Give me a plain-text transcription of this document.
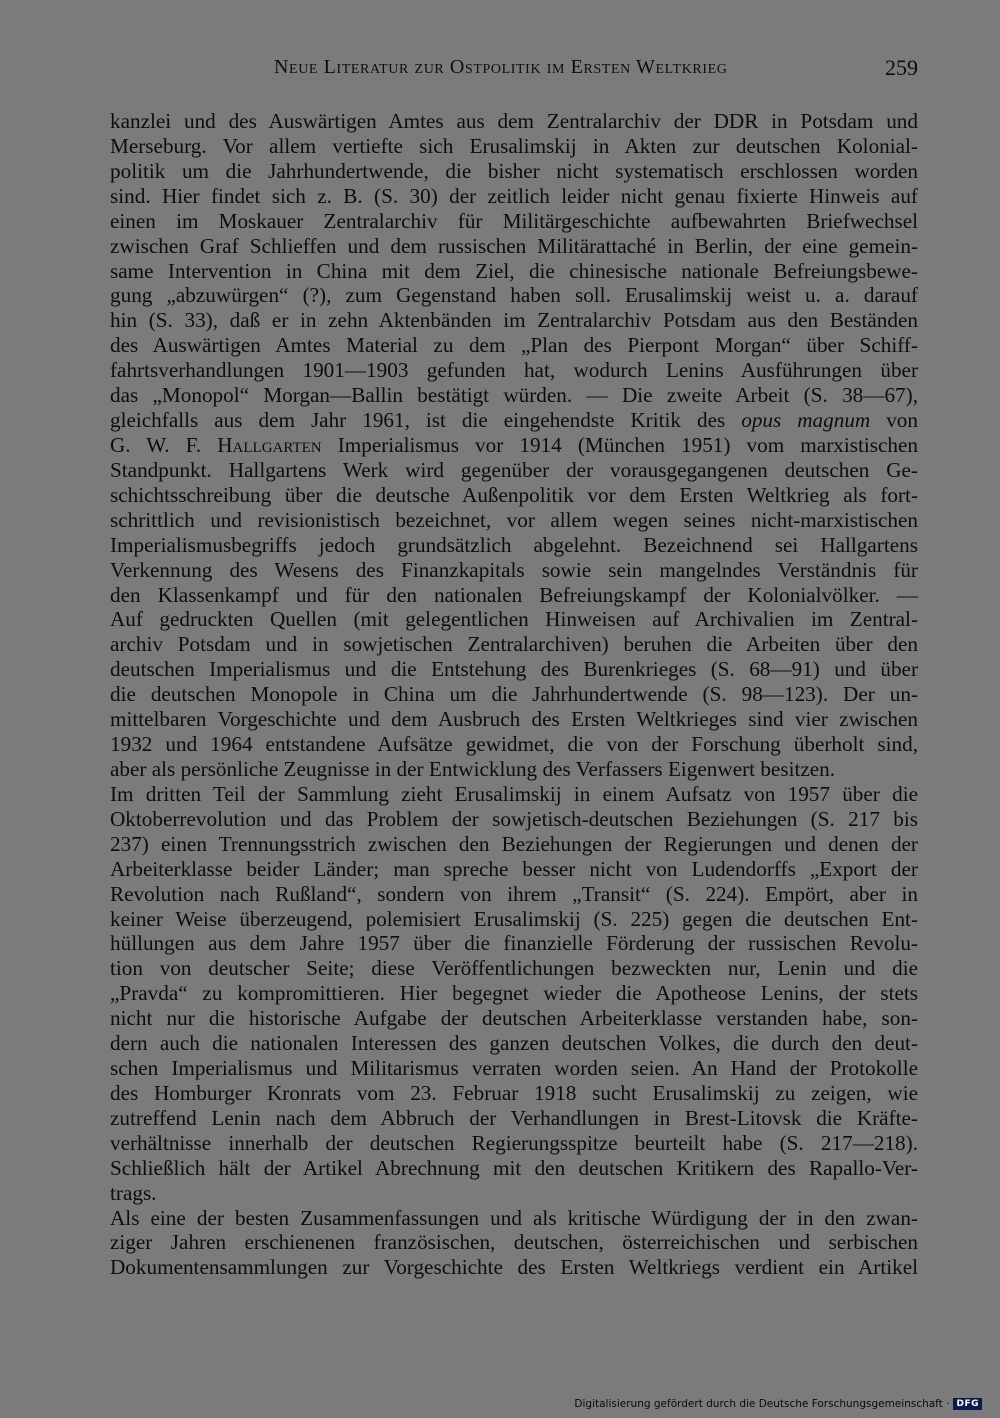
Neue Literatur zur Ostpolitik im Ersten Weltkrieg	259

kanzlei und des Auswärtigen Amtes aus dem Zentralarchiv der DDR in Potsdam und

Merseburg. Vor allem vertiefte sich Erusalimskij in Akten zur deutschen Kolonial-

politik um die Jahrhundertwende, die bisher nicht systematisch erschlossen worden

sind. Hier findet sich z. B. (S. 30) der zeitlich leider nicht genau fixierte Hinweis auf

einen im Moskauer Zentralarchiv für Militärgeschichte aufbewahrten Briefwechsel

zwischen Graf Schlieffen und dem russischen Militärattaché in Berlin, der eine gemein-

same Intervention in China mit dem Ziel, die chinesische nationale Befreiungsbewe-

gung „abzuwürgen“ (?), zum Gegenstand haben soll. Erusalimskij weist u. a. darauf

hin (S. 33), daß er in zehn Aktenbänden im Zentralarchiv Potsdam aus den Beständen

des Auswärtigen Amtes Material zu dem „Plan des Pierpont Morgan“ über Schiff-

fahrtsverhandlungen 1901—1903 gefunden hat, wodurch Lenins Ausführungen über

das „Monopol“ Morgan—Ballin bestätigt würden. — Die zweite Arbeit (S. 38—67),

gleichfalls aus dem Jahr 1961, ist die eingehendste Kritik des opus magnum von

G. W. F. Hallgarten Imperialismus vor 1914 (München 1951) vom marxistischen

Standpunkt. Hallgartens Werk wird gegenüber der vorausgegangenen deutschen Ge-

schichtsschreibung über die deutsche Außenpolitik vor dem Ersten Weltkrieg als fort-

schrittlich und revisionistisch bezeichnet, vor allem wegen seines nicht-marxistischen

Imperialismusbegriffs jedoch grundsätzlich abgelehnt. Bezeichnend sei Hallgartens

Verkennung des Wesens des Finanzkapitals sowie sein mangelndes Verständnis für

den Klassenkampf und für den nationalen Befreiungskampf der Kolonialvölker. —

Auf gedruckten Quellen (mit gelegentlichen Hinweisen auf Archivalien im Zentral-

archiv Potsdam und in sowjetischen Zentralarchiven) beruhen die Arbeiten über den

deutschen Imperialismus und die Entstehung des Burenkrieges (S. 68—91) und über

die deutschen Monopole in China um die Jahrhundertwende (S. 98—123). Der un-

mittelbaren Vorgeschichte und dem Ausbruch des Ersten Weltkrieges sind vier zwischen

1932 und 1964 entstandene Aufsätze gewidmet, die von der Forschung überholt sind,

aber als persönliche Zeugnisse in der Entwicklung des Verfassers Eigenwert besitzen.

Im dritten Teil der Sammlung zieht Erusalimskij in einem Aufsatz von 1957 über die

Oktoberrevolution und das Problem der sowjetisch-deutschen Beziehungen (S. 217 bis

237) einen Trennungsstrich zwischen den Beziehungen der Regierungen und denen der

Arbeiterklasse beider Länder; man spreche besser nicht von Ludendorffs „Export der

Revolution nach Rußland“, sondern von ihrem „Transit“ (S. 224). Empört, aber in

keiner Weise überzeugend, polemisiert Erusalimskij (S. 225) gegen die deutschen Ent-

hüllungen aus dem Jahre 1957 über die finanzielle Förderung der russischen Revolu-

tion von deutscher Seite; diese Veröffentlichungen bezweckten nur, Lenin und die

„Pravda“ zu kompromittieren. Hier begegnet wieder die Apotheose Lenins, der stets

nicht nur die historische Aufgabe der deutschen Arbeiterklasse verstanden habe, son-

dern auch die nationalen Interessen des ganzen deutschen Volkes, die durch den deut-

schen Imperialismus und Militarismus verraten worden seien. An Hand der Protokolle

des Homburger Kronrats vom 23. Februar 1918 sucht Erusalimskij zu zeigen, wie

zutreffend Lenin nach dem Abbruch der Verhandlungen in Brest-Litovsk die Kräfte-

verhältnisse innerhalb der deutschen Regierungsspitze beurteilt habe (S. 217—218).

Schließlich hält der Artikel Abrechnung mit den deutschen Kritikern des Rapallo-Ver-

trags.

Als eine der besten Zusammenfassungen und als kritische Würdigung der in den zwan-

ziger Jahren erschienenen französischen, deutschen, österreichischen und serbischen

Dokumentensammlungen zur Vorgeschichte des Ersten Weltkriegs verdient ein Artikel

Digitalisierung gefördert durch die Deutsche Forschungsgemeinschaft · DFG
